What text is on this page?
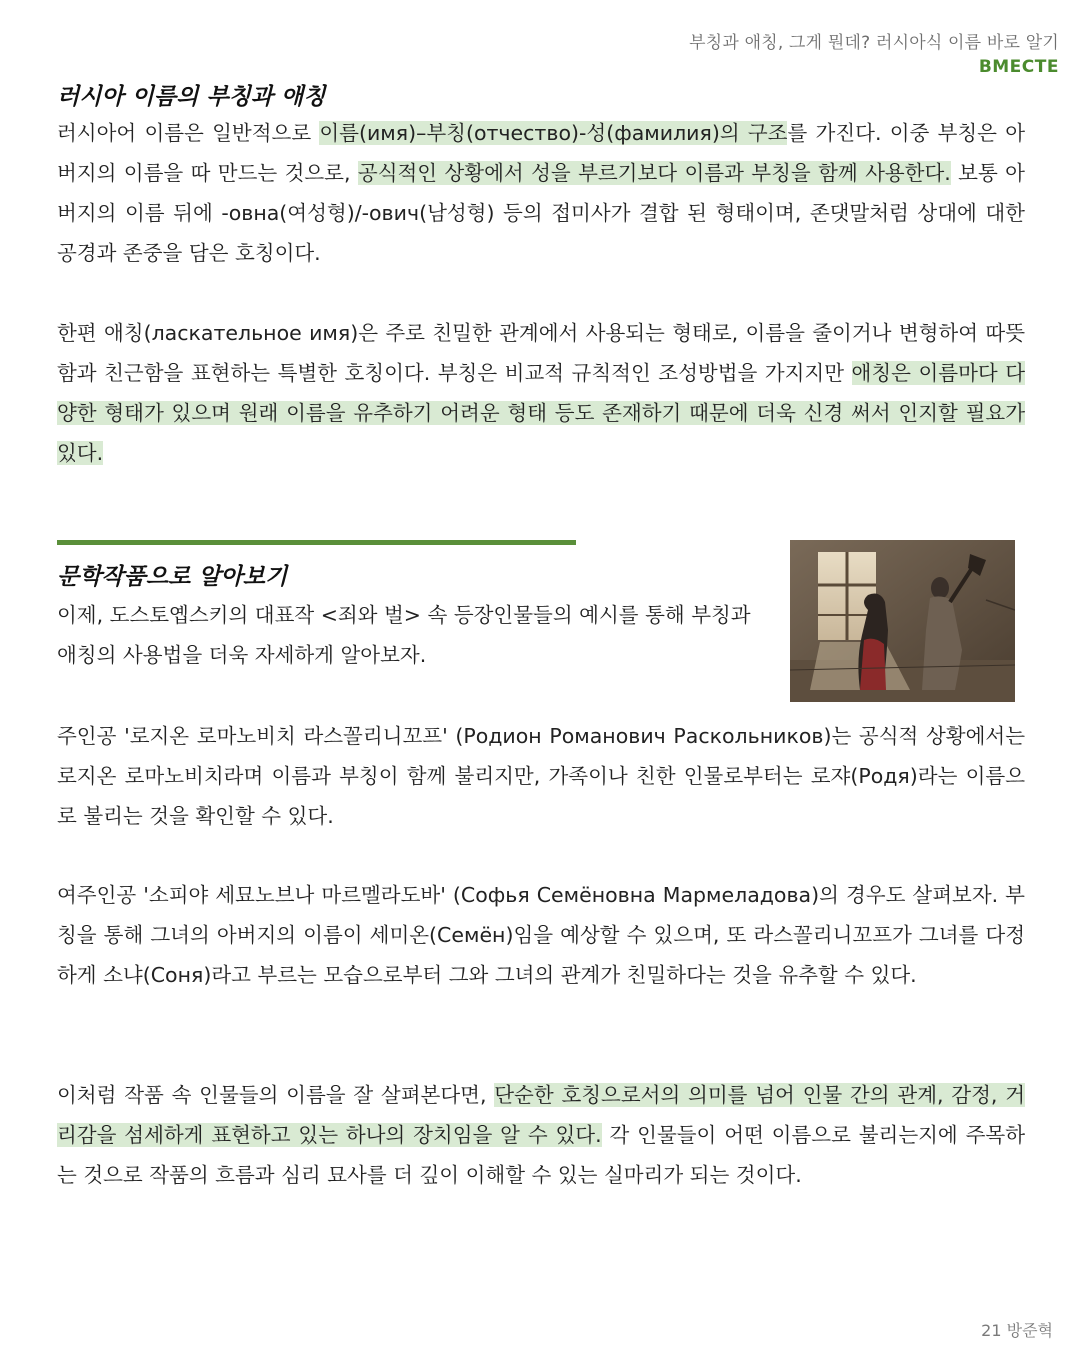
부칭과 애칭, 그게 뭔데? 러시아식 이름 바로 알기
BMECTE
러시아 이름의 부칭과 애칭

러시아어 이름은 일반적으로 이름(имя)–부칭(отчество)-성(фамилия)의 구조를 가진다. 이중 부칭은 아버지의 이름을 따 만드는 것으로, 공식적인 상황에서 성을 부르기보다 이름과 부칭을 함께 사용한다. 보통 아버지의 이름 뒤에 -овна(여성형)/-ович(남성형) 등의 접미사가 결합 된 형태이며, 존댓말처럼 상대에 대한 공경과 존중을 담은 호칭이다.

한편 애칭(ласкательное имя)은 주로 친밀한 관계에서 사용되는 형태로, 이름을 줄이거나 변형하여 따뜻함과 친근함을 표현하는 특별한 호칭이다. 부칭은 비교적 규칙적인 조성방법을 가지지만 애칭은 이름마다 다양한 형태가 있으며 원래 이름을 유추하기 어려운 형태 등도 존재하기 때문에 더욱 신경 써서 인지할 필요가 있다.

문학작품으로 알아보기

이제, 도스토옙스키의 대표작 <죄와 벌> 속 등장인물들의 예시를 통해 부칭과 애칭의 사용법을 더욱 자세하게 알아보자.

주인공 '로지온 로마노비치 라스꼴리니꼬프' (Родион Романович Раскольников)는 공식적 상황에서는 로지온 로마노비치라며 이름과 부칭이 함께 불리지만, 가족이나 친한 인물로부터는 로쟈(Родя)라는 이름으로 불리는 것을 확인할 수 있다.

여주인공 '소피야 세묘노브나 마르멜라도바' (Софья Семёновна Мармеладова)의 경우도 살펴보자. 부칭을 통해 그녀의 아버지의 이름이 세미온(Семён)임을 예상할 수 있으며, 또 라스꼴리니꼬프가 그녀를 다정하게 소냐(Соня)라고 부르는 모습으로부터 그와 그녀의 관계가 친밀하다는 것을 유추할 수 있다.

이처럼 작품 속 인물들의 이름을 잘 살펴본다면, 단순한 호칭으로서의 의미를 넘어 인물 간의 관계, 감정, 거리감을 섬세하게 표현하고 있는 하나의 장치임을 알 수 있다. 각 인물들이 어떤 이름으로 불리는지에 주목하는 것으로 작품의 흐름과 심리 묘사를 더 깊이 이해할 수 있는 실마리가 되는 것이다.

21 방준혁
